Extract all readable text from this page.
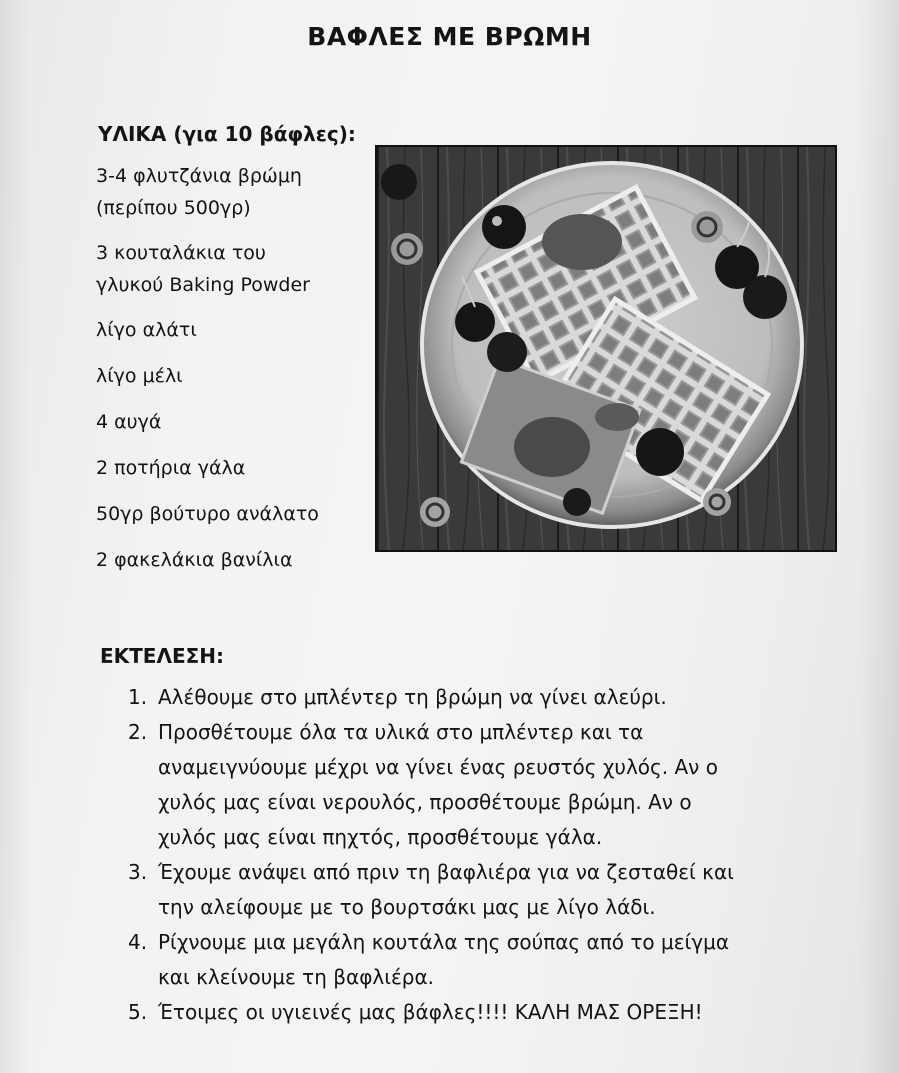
ΒΑΦΛΕΣ ΜΕ ΒΡΩΜΗ
ΥΛΙΚΑ (για 10 βάφλες):
3-4 φλυτζάνια βρώμη
(περίπου 500γρ)
3 κουταλάκια του
γλυκού Baking Powder
λίγο αλάτι
λίγο μέλι
4 αυγά
2 ποτήρια γάλα
50γρ βούτυρο ανάλατο
2 φακελάκια βανίλια
ΕΚΤΕΛΕΣΗ:
1. Αλέθουμε στο μπλέντερ τη βρώμη να γίνει αλεύρι.
2. Προσθέτουμε όλα τα υλικά στο μπλέντερ και τα
αναμειγνύουμε μέχρι να γίνει ένας ρευστός χυλός. Αν ο
χυλός μας είναι νερουλός, προσθέτουμε βρώμη. Αν ο
χυλός μας είναι πηχτός, προσθέτουμε γάλα.
3. Έχουμε ανάψει από πριν τη βαφλιέρα για να ζεσταθεί και
την αλείφουμε με το βουρτσάκι μας με λίγο λάδι.
4. Ρίχνουμε μια μεγάλη κουτάλα της σούπας από το μείγμα
και κλείνουμε τη βαφλιέρα.
5. Έτοιμες οι υγιεινές μας βάφλες!!!! ΚΑΛΗ ΜΑΣ ΟΡΕΞΗ!
